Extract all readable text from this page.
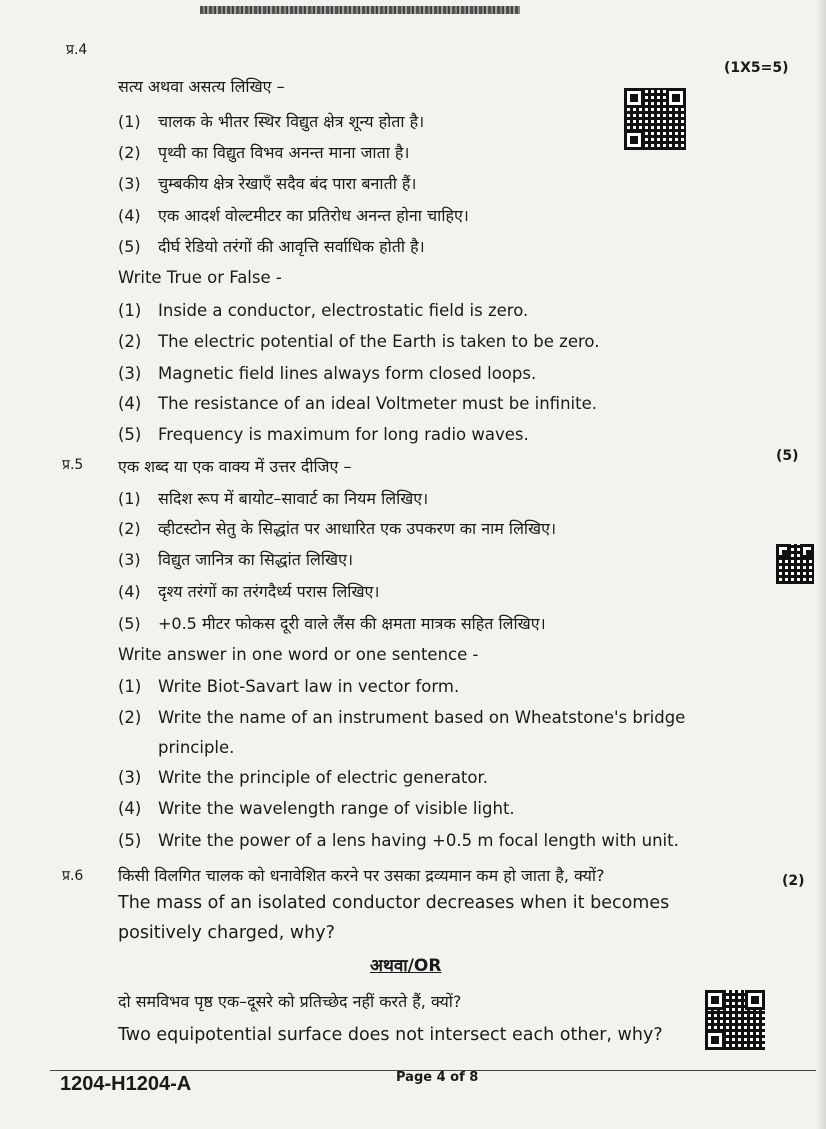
प्र.4
(1X5=5)
सत्य अथवा असत्य लिखिए –
(1) चालक के भीतर स्थिर विद्युत क्षेत्र शून्य होता है।
(2) पृथ्वी का विद्युत विभव अनन्त माना जाता है।
(3) चुम्बकीय क्षेत्र रेखाएँ सदैव बंद पारा बनाती हैं।
(4) एक आदर्श वोल्टमीटर का प्रतिरोध अनन्त होना चाहिए।
(5) दीर्घ रेडियो तरंगों की आवृत्ति सर्वाधिक होती है।
Write True or False -
(1) Inside a conductor, electrostatic field is zero.
(2) The electric potential of the Earth is taken to be zero.
(3) Magnetic field lines always form closed loops.
(4) The resistance of an ideal Voltmeter must be infinite.
(5) Frequency is maximum for long radio waves.
प्र.5
(5)
एक शब्द या एक वाक्य में उत्तर दीजिए –
(1) सदिश रूप में बायोट–सावार्ट का नियम लिखिए।
(2) व्हीटस्टोन सेतु के सिद्धांत पर आधारित एक उपकरण का नाम लिखिए।
(3) विद्युत जानित्र का सिद्धांत लिखिए।
(4) दृश्य तरंगों का तरंगदैर्ध्य परास लिखिए।
(5) +0.5 मीटर फोकस दूरी वाले लैंस की क्षमता मात्रक सहित लिखिए।
Write answer in one word or one sentence -
(1) Write Biot-Savart law in vector form.
(2) Write the name of an instrument based on Wheatstone's bridge
principle.
(3) Write the principle of electric generator.
(4) Write the wavelength range of visible light.
(5) Write the power of a lens having +0.5 m focal length with unit.
प्र.6	(2)
किसी विलगित चालक को धनावेशित करने पर उसका द्रव्यमान कम हो जाता है, क्यों?
The mass of an isolated conductor decreases when it becomes
positively charged, why?
अथवा/OR
दो समविभव पृष्ठ एक–दूसरे को प्रतिच्छेद नहीं करते हैं, क्यों?
Two equipotential surface does not intersect each other, why?
1204-H1204-A	Page 4 of 8
